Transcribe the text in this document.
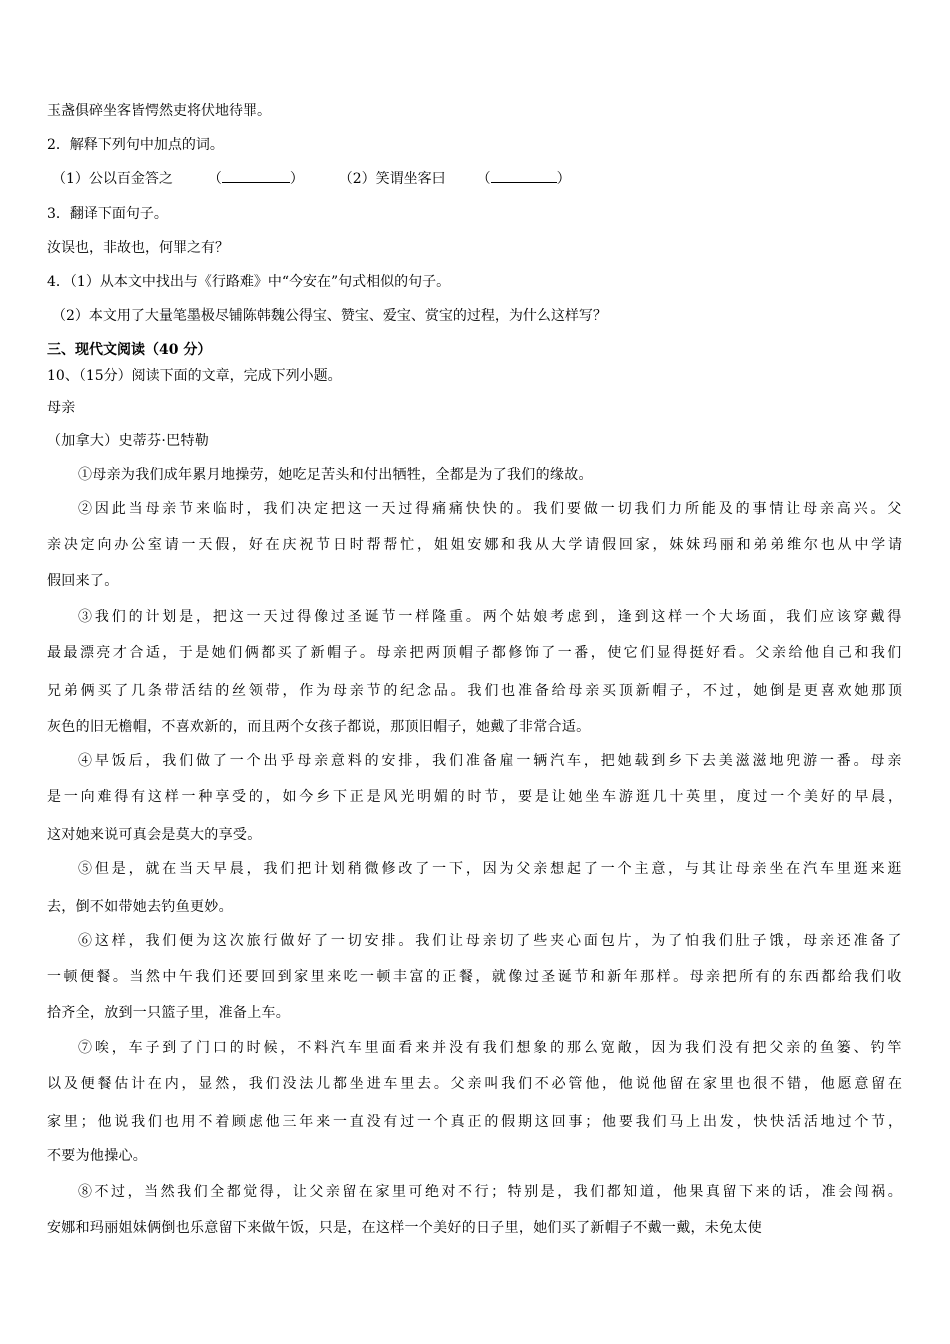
玉盏俱碎坐客皆愕然吏将伏地待罪。
2．解释下列句中加点的词。
（1）公以百金答之 （	） （2）笑谓坐客曰 （	）
3．翻译下面句子。
汝误也，非故也，何罪之有？
4．（1）从本文中找出与《行路难》中“今安在”句式相似的句子。
（2）本文用了大量笔墨极尽铺陈韩魏公得宝、赞宝、爱宝、赏宝的过程，为什么这样写？
三、现代文阅读（40 分）
10、（15分）阅读下面的文章，完成下列小题。
母亲
（加拿大）史蒂芬·巴特勒
①母亲为我们成年累月地操劳，她吃足苦头和付出牺牲，全都是为了我们的缘故。
②因此当母亲节来临时，我们决定把这一天过得痛痛快快的。我们要做一切我们力所能及的事情让母亲高兴。父
亲决定向办公室请一天假，好在庆祝节日时帮帮忙，姐姐安娜和我从大学请假回家，妹妹玛丽和弟弟维尔也从中学请
假回来了。
③我们的计划是，把这一天过得像过圣诞节一样隆重。两个姑娘考虑到，逢到这样一个大场面，我们应该穿戴得
最最漂亮才合适，于是她们俩都买了新帽子。母亲把两顶帽子都修饰了一番，使它们显得挺好看。父亲给他自己和我们
兄弟俩买了几条带活结的丝领带，作为母亲节的纪念品。我们也准备给母亲买顶新帽子，不过，她倒是更喜欢她那顶
灰色的旧无檐帽，不喜欢新的，而且两个女孩子都说，那顶旧帽子，她戴了非常合适。
④早饭后，我们做了一个出乎母亲意料的安排，我们准备雇一辆汽车，把她载到乡下去美滋滋地兜游一番。母亲
是一向难得有这样一种享受的，如今乡下正是风光明媚的时节，要是让她坐车游逛几十英里，度过一个美好的早晨，
这对她来说可真会是莫大的享受。
⑤但是，就在当天早晨，我们把计划稍微修改了一下，因为父亲想起了一个主意，与其让母亲坐在汽车里逛来逛
去，倒不如带她去钓鱼更妙。
⑥这样，我们便为这次旅行做好了一切安排。我们让母亲切了些夹心面包片，为了怕我们肚子饿，母亲还准备了
一顿便餐。当然中午我们还要回到家里来吃一顿丰富的正餐，就像过圣诞节和新年那样。母亲把所有的东西都给我们收
拾齐全，放到一只篮子里，准备上车。
⑦唉，车子到了门口的时候，不料汽车里面看来并没有我们想象的那么宽敞，因为我们没有把父亲的鱼篓、钓竿
以及便餐估计在内，显然，我们没法儿都坐进车里去。父亲叫我们不必管他，他说他留在家里也很不错，他愿意留在
家里；他说我们也用不着顾虑他三年来一直没有过一个真正的假期这回事；他要我们马上出发，快快活活地过个节，
不要为他操心。
⑧不过，当然我们全都觉得，让父亲留在家里可绝对不行；特别是，我们都知道，他果真留下来的话，准会闯祸。
安娜和玛丽姐妹俩倒也乐意留下来做午饭，只是，在这样一个美好的日子里，她们买了新帽子不戴一戴，未免太使
